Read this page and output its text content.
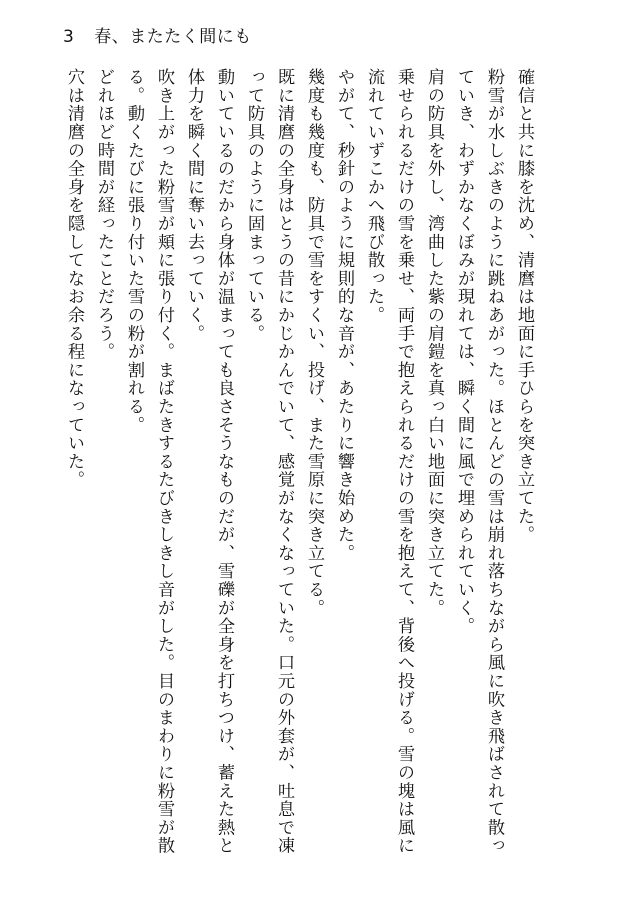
3 春、またたく間にも

確信と共に膝を沈め、清麿は地面に手ひらを突き立てた。

粉雪が水しぶきのように跳ねあがった。ほとんどの雪は崩れ落ちながら風に吹き飛ばされて散っていき、わずかなくぼみが現れては、瞬く間に風で埋められていく。

肩の防具を外し、湾曲した紫の肩鎧を真っ白い地面に突き立てた。

乗せられるだけの雪を乗せ、両手で抱えられるだけの雪を抱えて、背後へ投げる。雪の塊は風に流れていずこかへ飛び散った。

やがて、秒針のように規則的な音が、あたりに響き始めた。

幾度も幾度も、防具で雪をすくい、投げ、また雪原に突き立てる。

既に清麿の全身はとうの昔にかじかんでいて、感覚がなくなっていた。口元の外套が、吐息で凍って防具のように固まっている。

動いているのだから身体が温まっても良さそうなものだが、雪礫が全身を打ちつけ、蓄えた熱と体力を瞬く間に奪い去っていく。

吹き上がった粉雪が頬に張り付く。まばたきするたびきしきし音がした。目のまわりに粉雪が散る。動くたびに張り付いた雪の粉が割れる。

どれほど時間が経ったことだろう。

穴は清麿の全身を隠してなお余る程になっていた。
